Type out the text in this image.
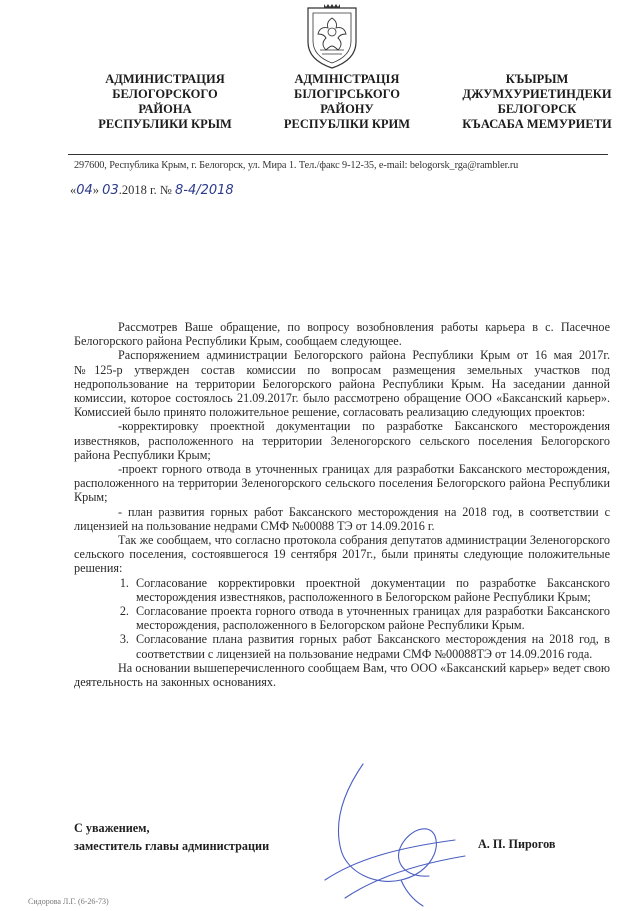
АДМИНИСТРАЦИЯ
БЕЛОГОРСКОГО
РАЙОНА
РЕСПУБЛИКИ КРЫМ
АДМІНІСТРАЦІЯ
БІЛОГІРСЬКОГО
РАЙОНУ
РЕСПУБЛІКИ КРИМ
КЪЫРЫМ
ДЖУМХУРИЕТИНДЕКИ
БЕЛОГОРСК
КЪАСАБА МЕМУРИЕТИ
297600, Республика Крым, г. Белогорск, ул. Мира 1. Тел./факс 9-12-35, e-mail: belogorsk_rga@rambler.ru
«04» 03.2018 г. № 8-4/2018

Рассмотрев Ваше обращение, по вопросу возобновления работы карьера в с. Пасечное Белогорского района Республики Крым, сообщаем следующее.

Распоряжением администрации Белогорского района Республики Крым от 16 мая 2017г. №125-р утвержден состав комиссии по вопросам размещения земельных участков под недропользование на территории Белогорского района Республики Крым. На заседании данной комиссии, которое состоялось 21.09.2017г. было рассмотрено обращение ООО «Баксанский карьер». Комиссией было принято положительное решение, согласовать реализацию следующих проектов:

-корректировку проектной документации по разработке Баксанского месторождения известняков, расположенного на территории Зеленогорского сельского поселения Белогорского района Республики Крым;

-проект горного отвода в уточненных границах для разработки Баксанского месторождения, расположенного на территории Зеленогорского сельского поселения Белогорского района Республики Крым;

- план развития горных работ Баксанского месторождения на 2018 год, в соответствии с лицензией на пользование недрами СМФ №00088 ТЭ от 14.09.2016 г.

Так же сообщаем, что согласно протокола собрания депутатов администрации Зеленогорского сельского поселения, состоявшегося 19 сентября 2017г., были приняты следующие положительные решения:

1. Согласование корректировки проектной документации по разработке Баксанского месторождения известняков, расположенного в Белогорском районе Республики Крым;
2. Согласование проекта горного отвода в уточненных границах для разработки Баксанского месторождения, расположенного в Белогорском районе Республики Крым.
3. Согласование плана развития горных работ Баксанского месторождения на 2018 год, в соответствии с лицензией на пользование недрами СМФ №00088ТЭ от 14.09.2016 года.

На основании вышеперечисленного сообщаем Вам, что ООО «Баксанский карьер» ведет свою деятельность на законных основаниях.

С уважением,
заместитель главы администрации	А. П. Пирогов
Сидорова Л.Г. (6-26-73)
